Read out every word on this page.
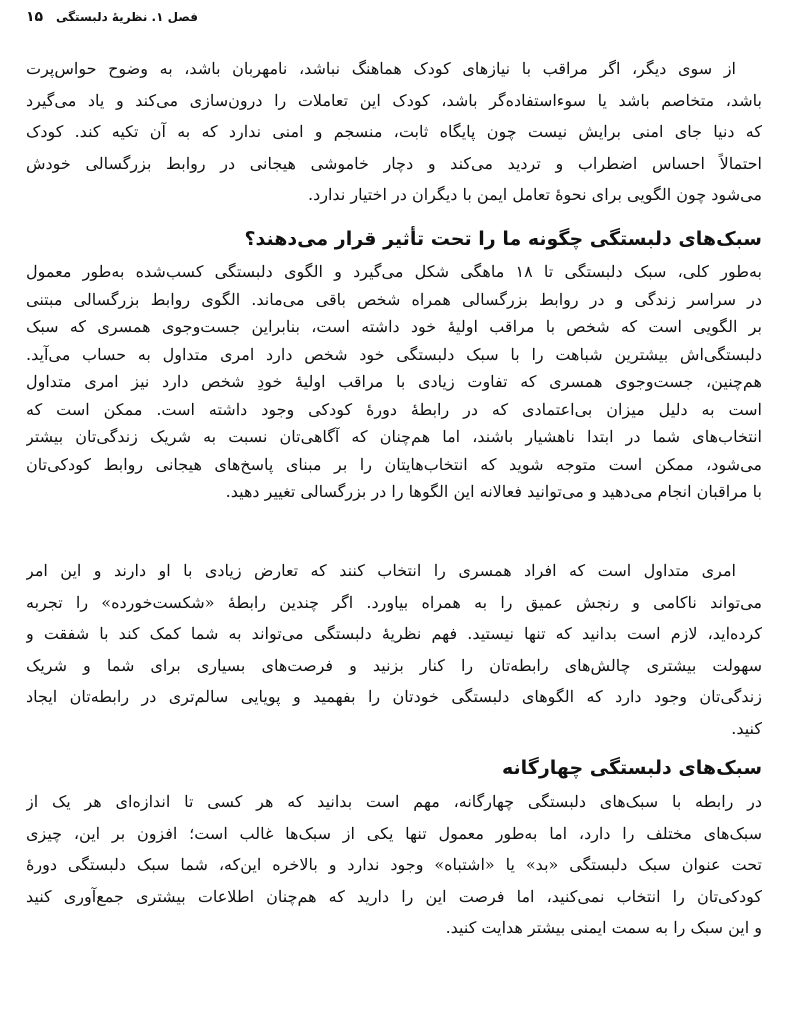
۱۵ فصل ۱. نظریهٔ دلبستگی
از سوی دیگر، اگر مراقب با نیازهای کودک هماهنگ نباشد، نامهربان باشد، به وضوح حواس‌پرت
باشد، متخاصم باشد یا سوءاستفاده‌گر باشد، کودک این تعاملات را درون‌سازی می‌کند و یاد می‌گیرد
که دنیا جای امنی برایش نیست چون پایگاه ثابت، منسجم و امنی ندارد که به آن تکیه کند. کودک
احتمالاً احساس اضطراب و تردید می‌کند و دچار خاموشی هیجانی در روابط بزرگسالی خودش
می‌شود چون الگویی برای نحوهٔ تعامل ایمن با دیگران در اختیار ندارد.
سبک‌های دلبستگی چگونه ما را تحت تأثیر قرار می‌دهند؟
به‌طور کلی، سبک دلبستگی تا ۱۸ ماهگی شکل می‌گیرد و الگوی دلبستگی کسب‌شده به‌طور معمول
در سراسر زندگی و در روابط بزرگسالی همراه شخص باقی می‌ماند. الگوی روابط بزرگسالی مبتنی
بر الگویی است که شخص با مراقب اولیهٔ خود داشته است، بنابراین جست‌وجوی همسری که سبک
دلبستگی‌اش بیشترین شباهت را با سبک دلبستگی خود شخص دارد امری متداول به حساب می‌آید.
هم‌چنین، جست‌وجوی همسری که تفاوت زیادی با مراقب اولیهٔ خودِ شخص دارد نیز امری متداول
است به دلیل میزان بی‌اعتمادی که در رابطهٔ دورهٔ کودکی وجود داشته است. ممکن است که
انتخاب‌های شما در ابتدا ناهشیار باشند، اما هم‌چنان که آگاهی‌تان نسبت به شریک زندگی‌تان بیشتر
می‌شود، ممکن است متوجه شوید که انتخاب‌هایتان را بر مبنای پاسخ‌های هیجانی روابط کودکی‌تان
با مراقبان انجام می‌دهید و می‌توانید فعالانه این الگوها را در بزرگسالی تغییر دهید.
امری متداول است که افراد همسری را انتخاب کنند که تعارض زیادی با او دارند و این امر
می‌تواند ناکامی و رنجش عمیق را به همراه بیاورد. اگر چندین رابطهٔ «شکست‌خورده» را تجربه
کرده‌اید، لازم است بدانید که تنها نیستید. فهم نظریهٔ دلبستگی می‌تواند به شما کمک کند با شفقت و
سهولت بیشتری چالش‌های رابطه‌تان را کنار بزنید و فرصت‌های بسیاری برای شما و شریک
زندگی‌تان وجود دارد که الگوهای دلبستگی خودتان را بفهمید و پویایی سالم‌تری در رابطه‌تان ایجاد
کنید.
سبک‌های دلبستگی چهارگانه
در رابطه با سبک‌های دلبستگی چهارگانه، مهم است بدانید که هر کسی تا اندازه‌ای هر یک از
سبک‌های مختلف را دارد، اما به‌طور معمول تنها یکی از سبک‌ها غالب است؛ افزون بر این، چیزی
تحت عنوان سبک دلبستگی «بد» یا «اشتباه» وجود ندارد و بالاخره این‌که، شما سبک دلبستگی دورهٔ
کودکی‌تان را انتخاب نمی‌کنید، اما فرصت این را دارید که هم‌چنان اطلاعات بیشتری جمع‌آوری کنید
و این سبک را به سمت ایمنی بیشتر هدایت کنید.
